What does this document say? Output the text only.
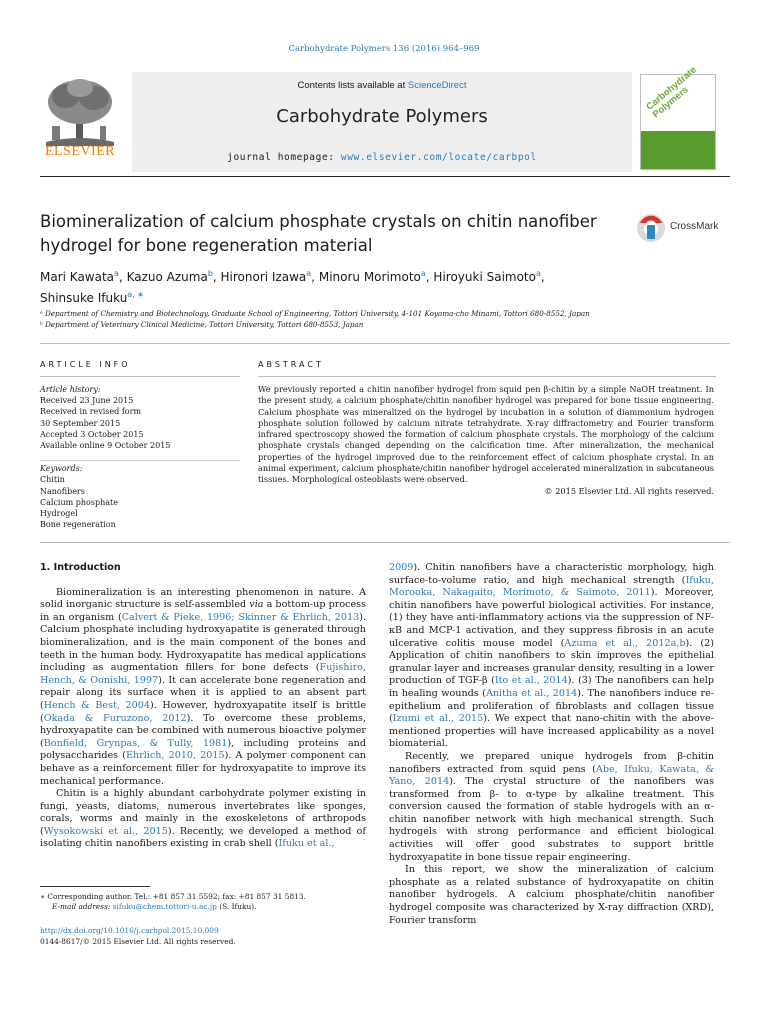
Carbohydrate Polymers 136 (2016) 964–969
ELSEVIER
Contents lists available at ScienceDirect
Carbohydrate Polymers
journal homepage: www.elsevier.com/locate/carbpol
Carbohydrate
Polymers
Biomineralization of calcium phosphate crystals on chitin nanofiber hydrogel for bone regeneration material
CrossMark
Mari Kawata$^a$, Kazuo Azuma$^b$, Hironori Izawa$^a$, Minoru Morimoto$^a$, Hiroyuki Saimoto$^a$,
Shinsuke Ifuku$^{a, ∗}$
ᵃ Department of Chemistry and Biotechnology, Graduate School of Engineering, Tottori University, 4-101 Koyama-cho Minami, Tottori 680-8552, Japan
ᵇ Department of Veterinary Clinical Medicine, Tottori University, Tottori 680-8553, Japan
ARTICLE INFO
Article history:
Received 23 June 2015
Received in revised form
30 September 2015
Accepted 3 October 2015
Available online 9 October 2015
Keywords:
Chitin
Nanofibers
Calcium phosphate
Hydrogel
Bone regeneration
ABSTRACT
We previously reported a chitin nanofiber hydrogel from squid pen β-chitin by a simple NaOH treatment. In the present study, a calcium phosphate/chitin nanofiber hydrogel was prepared for bone tissue engineering. Calcium phosphate was mineralized on the hydrogel by incubation in a solution of diammonium hydrogen phosphate solution followed by calcium nitrate tetrahydrate. X-ray diffractometry and Fourier transform infrared spectroscopy showed the formation of calcium phosphate crystals. The morphology of the calcium phosphate crystals changed depending on the calcification time. After mineralization, the mechanical properties of the hydrogel improved due to the reinforcement effect of calcium phosphate crystal. In an animal experiment, calcium phosphate/chitin nanofiber hydrogel accelerated mineralization in subcutaneous tissues. Morphological osteoblasts were observed.
© 2015 Elsevier Ltd. All rights reserved.
1. Introduction

Biomineralization is an interesting phenomenon in nature. A solid inorganic structure is self-assembled via a bottom-up process in an organism (Calvert & Pieke, 1996; Skinner & Ehrlich, 2013). Calcium phosphate including hydroxyapatite is generated through biomineralization, and is the main component of the bones and teeth in the human body. Hydroxyapatite has medical applications including as augmentation fillers for bone defects (Fujishiro, Hench, & Oonishi, 1997). It can accelerate bone regeneration and repair along its surface when it is applied to an absent part (Hench & Best, 2004). However, hydroxyapatite itself is brittle (Okada & Furuzono, 2012). To overcome these problems, hydroxyapatite can be combined with numerous bioactive polymer (Bonfield, Grynpas, & Tully, 1981), including proteins and polysaccharides (Ehrlich, 2010, 2015). A polymer component can behave as a reinforcement filler for hydroxyapatite to improve its mechanical performance.

Chitin is a highly abundant carbohydrate polymer existing in fungi, yeasts, diatoms, numerous invertebrates like sponges, corals, worms and mainly in the exoskeletons of arthropods (Wysokowski et al., 2015). Recently, we developed a method of isolating chitin nanofibers existing in crab shell (Ifuku et al.,

2009). Chitin nanofibers have a characteristic morphology, high surface-to-volume ratio, and high mechanical strength (Ifuku, Morooka, Nakagaito, Morimoto, & Saimoto, 2011). Moreover, chitin nanofibers have powerful biological activities. For instance, (1) they have anti-inflammatory actions via the suppression of NF-κB and MCP-1 activation, and they suppress fibrosis in an acute ulcerative colitis mouse model (Azuma et al., 2012a,b). (2) Application of chitin nanofibers to skin improves the epithelial granular layer and increases granular density, resulting in a lower production of TGF-β (Ito et al., 2014). (3) The nanofibers can help in healing wounds (Anitha et al., 2014). The nanofibers induce re-epithelium and proliferation of fibroblasts and collagen tissue (Izumi et al., 2015). We expect that nano-chitin with the above-mentioned properties will have increased applicability as a novel biomaterial.

Recently, we prepared unique hydrogels from β-chitin nanofibers extracted from squid pens (Abe, Ifuku, Kawata, & Yano, 2014). The crystal structure of the nanofibers was transformed from β- to α-type by alkaline treatment. This conversion caused the formation of stable hydrogels with an α-chitin nanofiber network with high mechanical strength. Such hydrogels with strong performance and efficient biological activities will offer good substrates to support brittle hydroxyapatite in bone tissue repair engineering.

In this report, we show the mineralization of calcium phosphate as a related substance of hydroxyapatite on chitin nanofiber hydrogels. A calcium phosphate/chitin nanofiber hydrogel composite was characterized by X-ray diffraction (XRD), Fourier transform

∗ Corresponding author. Tel.: +81 857 31 5592; fax: +81 857 31 5813.
E-mail address: sifuku@chem.tottori-u.ac.jp (S. Ifuku).
http://dx.doi.org/10.1016/j.carbpol.2015.10.009
0144-8617/© 2015 Elsevier Ltd. All rights reserved.
